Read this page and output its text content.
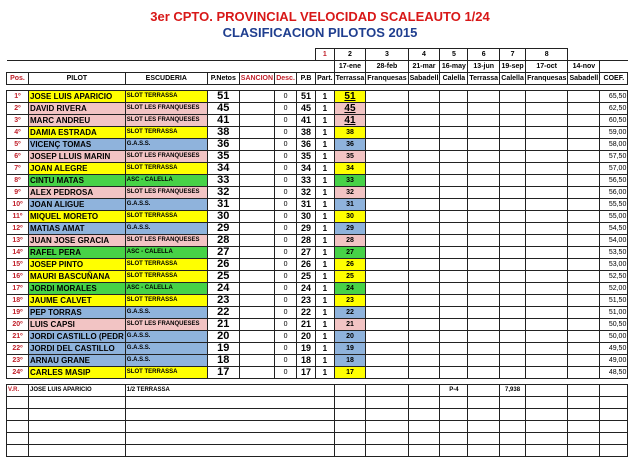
3er CPTO. PROVINCIAL VELOCIDAD SCALEAUTO 1/24
CLASIFICACION PILOTOS 2015
							1	2	3	4	5	6	7	8		
								17-ene	28-feb	21-mar	16-may	13-jun	19-sep	17-oct	14-nov	
Pos.	PILOT	ESCUDERIA	P.Netos	SANCION	Desc.	P.B	Part.	Terrassa	Franquesas	Sabadell	Calella	Terrassa	Calella	Franquesas	Sabadell	COEF.

1º	JOSE LUIS APARICIO	SLOT TERRASSA	51		0	51	1	51								65,50
2º	DAVID RIVERA	SLOT LES FRANQUESES	45		0	45	1	45								62,50
3º	MARC ANDREU	SLOT LES FRANQUESES	41		0	41	1	41								60,50
4º	DAMIA ESTRADA	SLOT TERRASSA	38		0	38	1	38								59,00
5º	VICENÇ TOMAS	G.A.S.S.	36		0	36	1	36								58,00
6º	JOSEP LLUIS MARIN	SLOT LES FRANQUESES	35		0	35	1	35								57,50
7º	JOAN ALEGRE	SLOT TERRASSA	34		0	34	1	34								57,00
8º	CINTU MATAS	ASC - CALELLA	33		0	33	1	33								56,50
9º	ALEX PEDROSA	SLOT LES FRANQUESES	32		0	32	1	32								56,00
10º	JOAN ALIGUE	G.A.S.S.	31		0	31	1	31								55,50
11º	MIQUEL MORETO	SLOT TERRASSA	30		0	30	1	30								55,00
12º	MATIAS AMAT	G.A.S.S.	29		0	29	1	29								54,50
13º	JUAN JOSE GRACIA	SLOT LES FRANQUESES	28		0	28	1	28								54,00
14º	RAFEL PERA	ASC - CALELLA	27		0	27	1	27								53,50
15º	JOSEP PINTO	SLOT TERRASSA	26		0	26	1	26								53,00
16º	MAURI BASCUÑANA	SLOT TERRASSA	25		0	25	1	25								52,50
17º	JORDI MORALES	ASC - CALELLA	24		0	24	1	24								52,00
18º	JAUME CALVET	SLOT TERRASSA	23		0	23	1	23								51,50
19º	PEP TORRAS	G.A.S.S.	22		0	22	1	22								51,00
20º	LUIS CAPSI	SLOT LES FRANQUESES	21		0	21	1	21								50,50
21º	JORDI CASTILLO (PEDR	G.A.S.S.	20		0	20	1	20								50,00
22º	JORDI DEL CASTILLO	G.A.S.S.	19		0	19	1	19								49,50
23º	ARNAU GRANE	G.A.S.S.	18		0	18	1	18								49,00
24º	CARLES MASIP	SLOT TERRASSA	17		0	17	1	17								48,50

V.R.	JOSE LUIS APARICIO	1/2 TERRASSA									P-4		7,938			
